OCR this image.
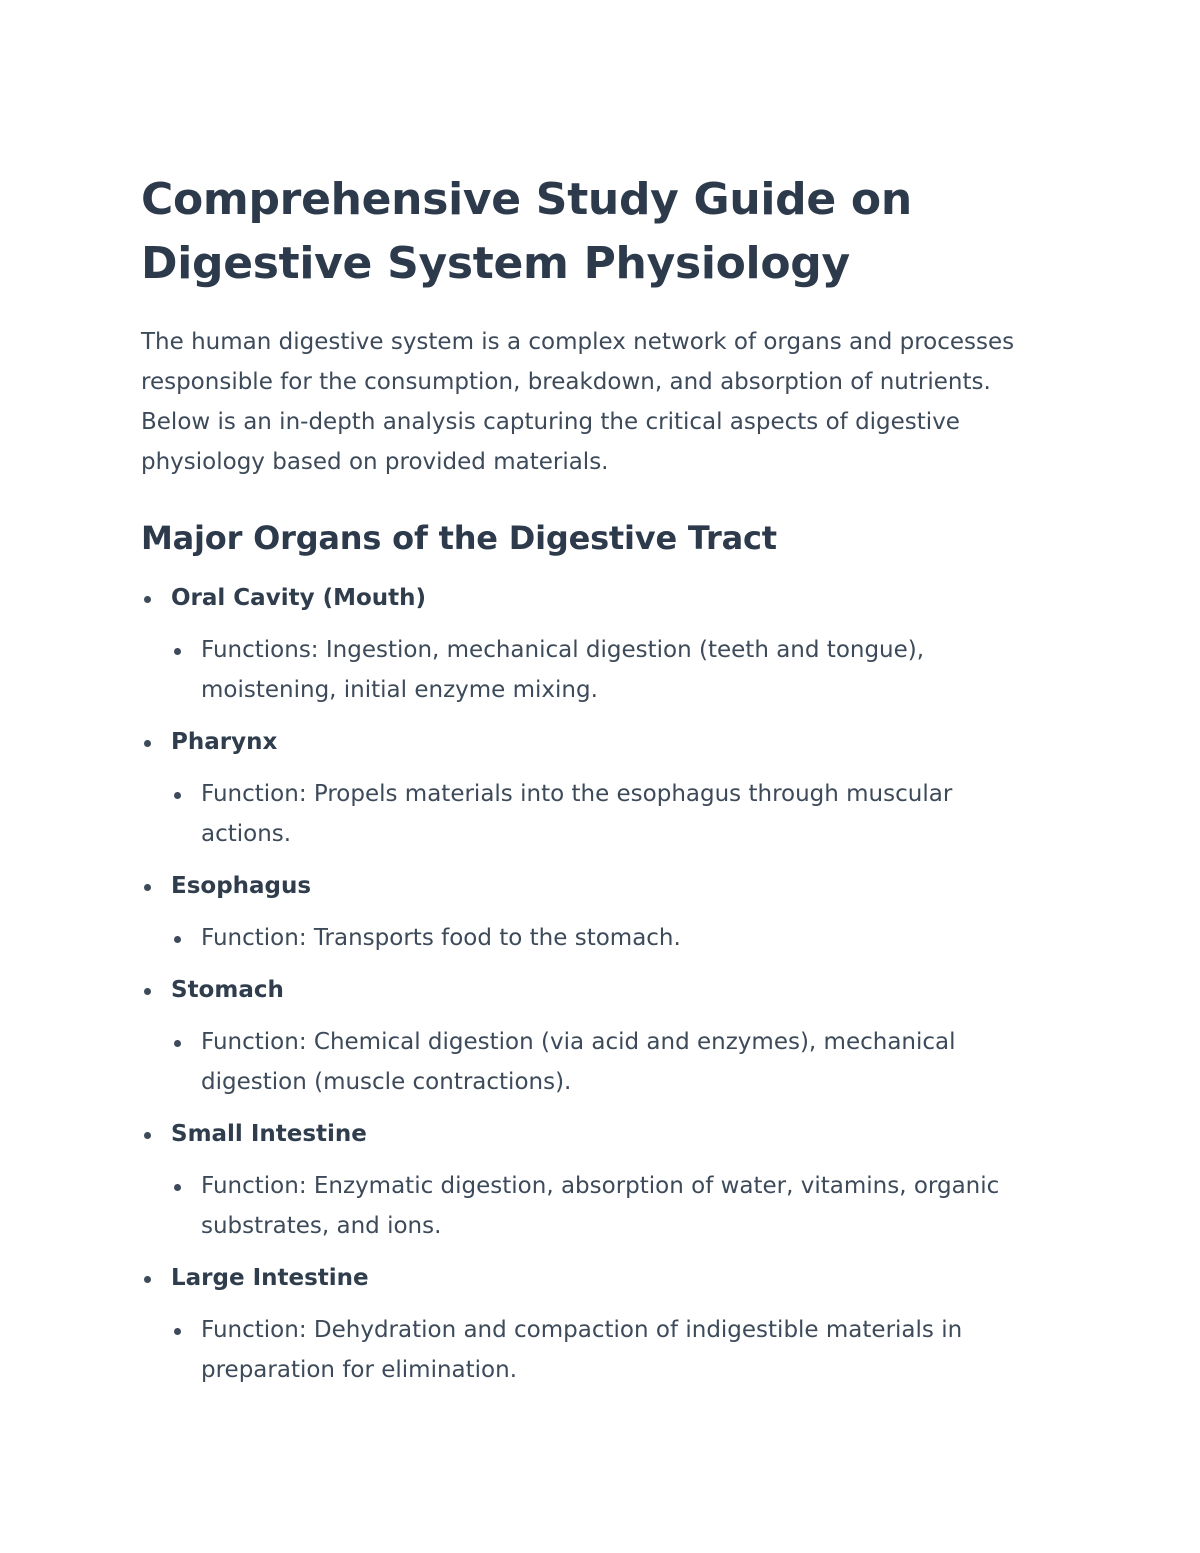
Comprehensive Study Guide on Digestive System Physiology

The human digestive system is a complex network of organs and processes responsible for the consumption, breakdown, and absorption of nutrients. Below is an in-depth analysis capturing the critical aspects of digestive physiology based on provided materials.

Major Organs of the Digestive Tract
Oral Cavity (Mouth)
Functions: Ingestion, mechanical digestion (teeth and tongue), moistening, initial enzyme mixing.
Pharynx
Function: Propels materials into the esophagus through muscular actions.
Esophagus
Function: Transports food to the stomach.
Stomach
Function: Chemical digestion (via acid and enzymes), mechanical digestion (muscle contractions).
Small Intestine
Function: Enzymatic digestion, absorption of water, vitamins, organic substrates, and ions.
Large Intestine
Function: Dehydration and compaction of indigestible materials in preparation for elimination.
